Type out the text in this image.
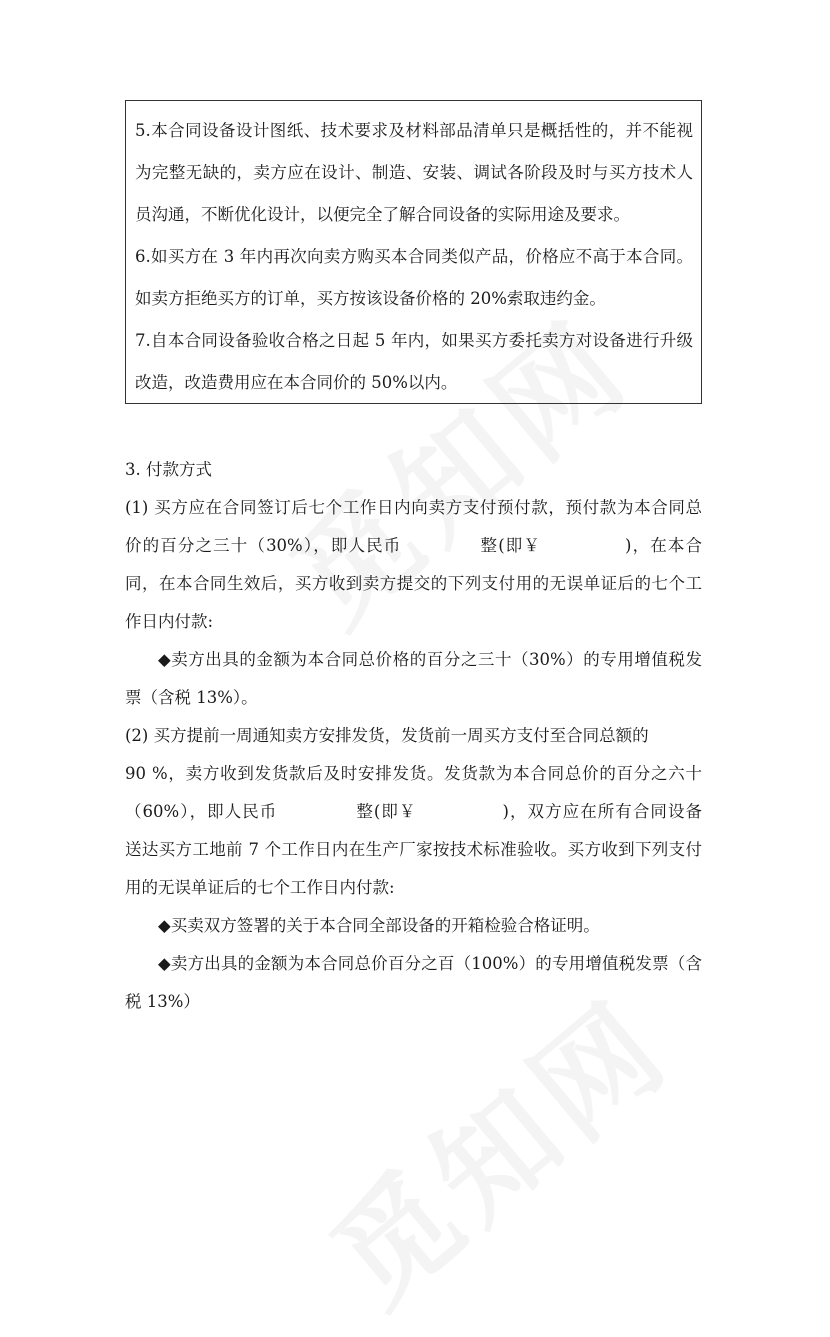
5.本合同设备设计图纸、技术要求及材料部品清单只是概括性的，并不能视

为完整无缺的，卖方应在设计、制造、安装、调试各阶段及时与买方技术人

员沟通，不断优化设计，以便完全了解合同设备的实际用途及要求。

6.如买方在 3 年内再次向卖方购买本合同类似产品，价格应不高于本合同。

如卖方拒绝买方的订单，买方按该设备价格的 20%索取违约金。

7.自本合同设备验收合格之日起 5 年内，如果买方委托卖方对设备进行升级

改造，改造费用应在本合同价的 50%以内。

3. 付款方式

(1) 买方应在合同签订后七个工作日内向卖方支付预付款，预付款为本合同总

价的百分之三十（30%），即人民币	整(即￥	)，在本合

同，在本合同生效后，买方收到卖方提交的下列支付用的无误单证后的七个工

作日内付款:

◆卖方出具的金额为本合同总价格的百分之三十（30%）的专用增值税发

票（含税 13%）。

(2) 买方提前一周通知卖方安排发货，发货前一周买方支付至合同总额的

90 %，卖方收到发货款后及时安排发货。发货款为本合同总价的百分之六十

（60%），即人民币	整(即￥	)，双方应在所有合同设备

送达买方工地前 7 个工作日内在生产厂家按技术标准验收。买方收到下列支付

用的无误单证后的七个工作日内付款:

◆买卖双方签署的关于本合同全部设备的开箱检验合格证明。

◆卖方出具的金额为本合同总价百分之百（100%）的专用增值税发票（含

税 13%）
